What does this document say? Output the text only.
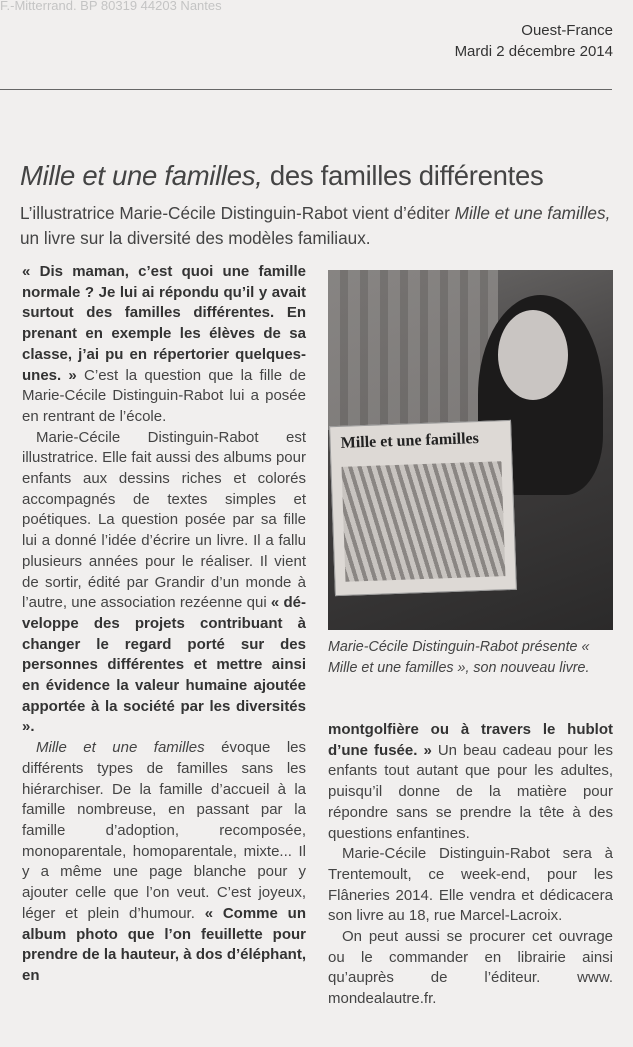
F.-Mitterrand. BP 80319 44203 Nantes
Ouest-France
Mardi 2 décembre 2014
Mille et une familles, des familles différentes
L’illustratrice Marie-Cécile Distinguin-Rabot vient d’éditer Mille et une familles, un livre sur la diversité des modèles familiaux.

« Dis maman, c’est quoi une famille normale ? Je lui ai répondu qu’il y avait surtout des familles différentes. En prenant en exemple les élèves de sa classe, j’ai pu en répertorier quelques-unes. » C’est la question que la fille de Marie-Cécile Distinguin-Rabot lui a posée en rentrant de l’école.

Marie-Cécile Distinguin-Rabot est illustratrice. Elle fait aussi des albums pour enfants aux dessins riches et colorés accompagnés de textes simples et poétiques. La question posée par sa fille lui a donné l’idée d’écrire un livre. Il a fallu plusieurs années pour le réaliser. Il vient de sortir, édité par Grandir d’un monde à l’autre, une association rezéenne qui « développe des projets contribuant à changer le regard porté sur des personnes différentes et mettre ainsi en évidence la valeur humaine ajoutée apportée à la société par les diversités ».

Mille et une familles évoque les différents types de familles sans les hiérarchiser. De la famille d’accueil à la famille nombreuse, en passant par la famille d’adoption, recomposée, monoparentale, homoparentale, mixte... Il y a même une page blanche pour y ajouter celle que l’on veut. C’est joyeux, léger et plein d’humour. « Comme un album photo que l’on feuillette pour prendre de la hauteur, à dos d’éléphant, en

Mille et une familles
Marie-Cécile Distinguin-Rabot présente « Mille et une familles », son nouveau livre.

montgolfière ou à travers le hublot d’une fusée. » Un beau cadeau pour les enfants tout autant que pour les adultes, puisqu’il donne de la matière pour répondre sans se prendre la tête à des questions enfantines.

Marie-Cécile Distinguin-Rabot sera à Trentemoult, ce week-end, pour les Flâneries 2014. Elle vendra et dédicacera son livre au 18, rue Marcel-Lacroix.

On peut aussi se procurer cet ouvrage ou le commander en librairie ainsi qu’auprès de l’éditeur. www.​mondealautre.fr.
